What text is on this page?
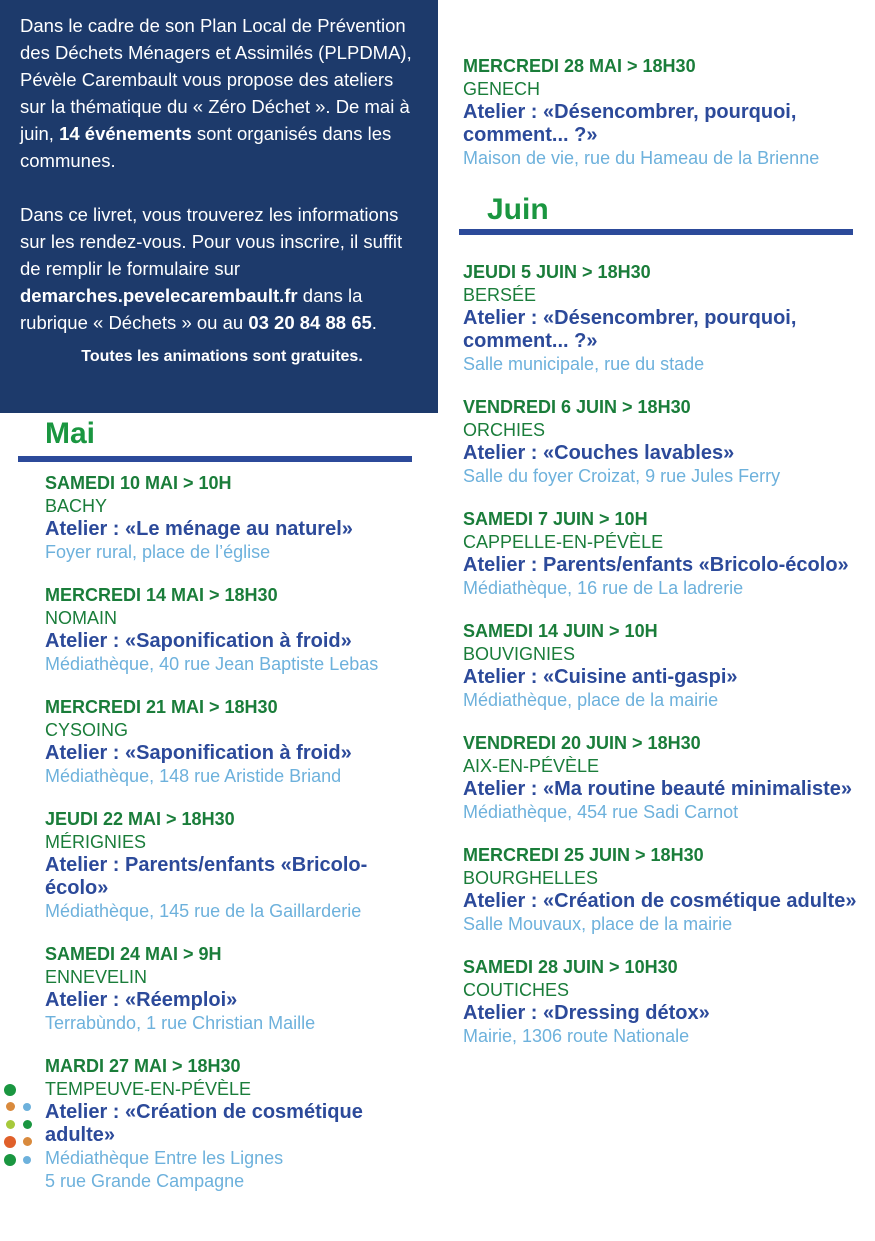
Dans le cadre de son Plan Local de Prévention des Déchets Ménagers et Assimilés (PLPDMA), Pévèle Carembault vous propose des ateliers sur la thématique du « Zéro Déchet ». De mai à juin, 14 événements sont organisés dans les communes.

Dans ce livret, vous trouverez les informations sur les rendez-vous. Pour vous inscrire, il suffit de remplir le formulaire sur demarches.pevelecarembault.fr dans la rubrique « Déchets » ou au 03 20 84 88 65.

Toutes les animations sont gratuites.
Mai
SAMEDI 10 MAI > 10H
BACHY
Atelier : «Le ménage au naturel»
Foyer rural, place de l’église
MERCREDI 14 MAI > 18H30
NOMAIN
Atelier : «Saponification à froid»
Médiathèque, 40 rue Jean Baptiste Lebas
MERCREDI 21 MAI > 18H30
CYSOING
Atelier : «Saponification à froid»
Médiathèque, 148 rue Aristide Briand
JEUDI 22 MAI > 18H30
MÉRIGNIES
Atelier : Parents/enfants «Bricolo-écolo»
Médiathèque, 145 rue de la Gaillarderie
SAMEDI 24 MAI > 9H
ENNEVELIN
Atelier : «Réemploi»
Terrabùndo, 1 rue Christian Maille
MARDI 27 MAI > 18H30
TEMPEUVE-EN-PÉVÈLE
Atelier : «Création de cosmétique adulte»
Médiathèque Entre les Lignes
5 rue Grande Campagne
MERCREDI 28 MAI > 18H30
GENECH
Atelier : «Désencombrer, pourquoi, comment... ?»
Maison de vie, rue du Hameau de la Brienne
Juin
JEUDI 5 JUIN > 18H30
BERSÉE
Atelier : «Désencombrer, pourquoi, comment... ?»
Salle municipale, rue du stade
VENDREDI 6 JUIN > 18H30
ORCHIES
Atelier : «Couches lavables»
Salle du foyer Croizat, 9 rue Jules Ferry
SAMEDI 7 JUIN > 10H
CAPPELLE-EN-PÉVÈLE
Atelier : Parents/enfants «Bricolo-écolo»
Médiathèque, 16 rue de La ladrerie
SAMEDI 14 JUIN > 10H
BOUVIGNIES
Atelier : «Cuisine anti-gaspi»
Médiathèque, place de la mairie
VENDREDI 20 JUIN > 18H30
AIX-EN-PÉVÈLE
Atelier : «Ma routine beauté minimaliste»
Médiathèque, 454 rue Sadi Carnot
MERCREDI 25 JUIN > 18H30
BOURGHELLES
Atelier : «Création de cosmétique adulte»
Salle Mouvaux, place de la mairie
SAMEDI 28 JUIN > 10H30
COUTICHES
Atelier : «Dressing détox»
Mairie, 1306 route Nationale
